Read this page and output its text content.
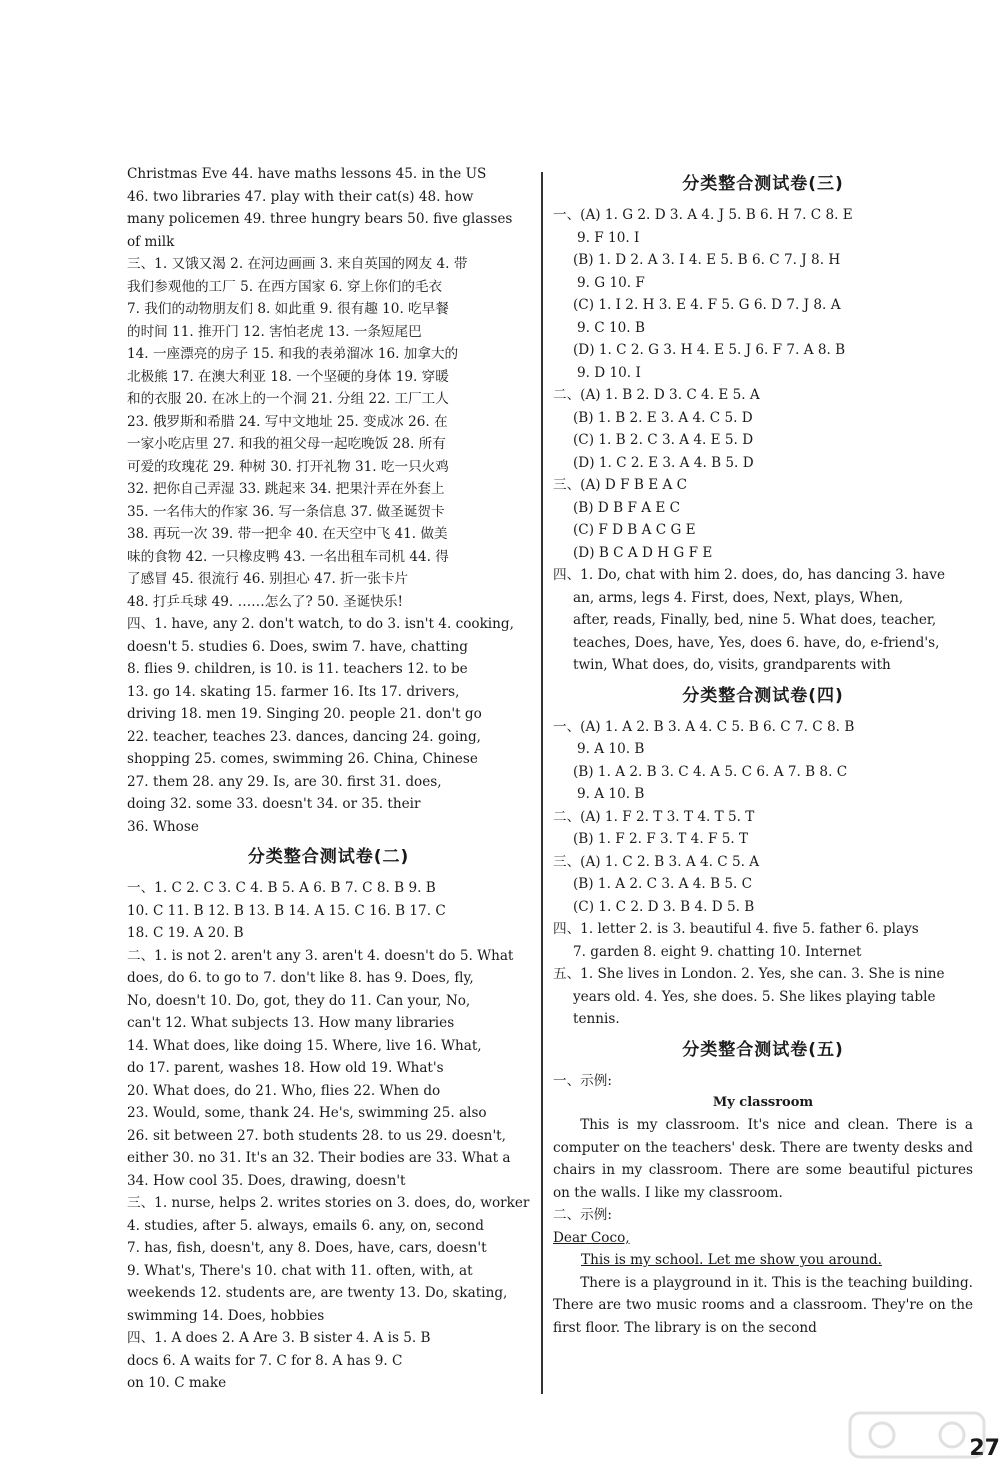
Christmas Eve 44. have maths lessons 45. in the US

46. two libraries 47. play with their cat(s) 48. how

many policemen 49. three hungry bears 50. five glasses

of milk

三、1. 又饿又渴 2. 在河边画画 3. 来自英国的网友 4. 带

我们参观他的工厂 5. 在西方国家 6. 穿上你们的毛衣

7. 我们的动物朋友们 8. 如此重 9. 很有趣 10. 吃早餐

的时间 11. 推开门 12. 害怕老虎 13. 一条短尾巴

14. 一座漂亮的房子 15. 和我的表弟溜冰 16. 加拿大的

北极熊 17. 在澳大利亚 18. 一个坚硬的身体 19. 穿暖

和的衣服 20. 在冰上的一个洞 21. 分组 22. 工厂工人

23. 俄罗斯和希腊 24. 写中文地址 25. 变成冰 26. 在

一家小吃店里 27. 和我的祖父母一起吃晚饭 28. 所有

可爱的玫瑰花 29. 种树 30. 打开礼物 31. 吃一只火鸡

32. 把你自己弄湿 33. 跳起来 34. 把果汁弄在外套上

35. 一名伟大的作家 36. 写一条信息 37. 做圣诞贺卡

38. 再玩一次 39. 带一把伞 40. 在天空中飞 41. 做美

味的食物 42. 一只橡皮鸭 43. 一名出租车司机 44. 得

了感冒 45. 很流行 46. 别担心 47. 折一张卡片

48. 打乒乓球 49. ……怎么了? 50. 圣诞快乐!

四、1. have, any 2. don't watch, to do 3. isn't 4. cooking,

doesn't 5. studies 6. Does, swim 7. have, chatting

8. flies 9. children, is 10. is 11. teachers 12. to be

13. go 14. skating 15. farmer 16. Its 17. drivers,

driving 18. men 19. Singing 20. people 21. don't go

22. teacher, teaches 23. dances, dancing 24. going,

shopping 25. comes, swimming 26. China, Chinese

27. them 28. any 29. Is, are 30. first 31. does,

doing 32. some 33. doesn't 34. or 35. their

36. Whose

分类整合测试卷(二)

一、1. C 2. C 3. C 4. B 5. A 6. B 7. C 8. B 9. B

10. C 11. B 12. B 13. B 14. A 15. C 16. B 17. C

18. C 19. A 20. B

二、1. is not 2. aren't any 3. aren't 4. doesn't do 5. What

does, do 6. to go to 7. don't like 8. has 9. Does, fly,

No, doesn't 10. Do, got, they do 11. Can your, No,

can't 12. What subjects 13. How many libraries

14. What does, like doing 15. Where, live 16. What,

do 17. parent, washes 18. How old 19. What's

20. What does, do 21. Who, flies 22. When do

23. Would, some, thank 24. He's, swimming 25. also

26. sit between 27. both students 28. to us 29. doesn't,

either 30. no 31. It's an 32. Their bodies are 33. What a

34. How cool 35. Does, drawing, doesn't

三、1. nurse, helps 2. writes stories on 3. does, do, worker

4. studies, after 5. always, emails 6. any, on, second

7. has, fish, doesn't, any 8. Does, have, cars, doesn't

9. What's, There's 10. chat with 11. often, with, at

weekends 12. students are, are twenty 13. Do, skating,

swimming 14. Does, hobbies

四、1. A does 2. A Are 3. B sister 4. A is 5. B

docs 6. A waits for 7. C for 8. A has 9. C

on 10. C make

分类整合测试卷(三)

一、(A) 1. G 2. D 3. A 4. J 5. B 6. H 7. C 8. E

9. F 10. I

(B) 1. D 2. A 3. I 4. E 5. B 6. C 7. J 8. H

9. G 10. F

(C) 1. I 2. H 3. E 4. F 5. G 6. D 7. J 8. A

9. C 10. B

(D) 1. C 2. G 3. H 4. E 5. J 6. F 7. A 8. B

9. D 10. I

二、(A) 1. B 2. D 3. C 4. E 5. A

(B) 1. B 2. E 3. A 4. C 5. D

(C) 1. B 2. C 3. A 4. E 5. D

(D) 1. C 2. E 3. A 4. B 5. D

三、(A) D F B E A C

(B) D B F A E C

(C) F D B A C G E

(D) B C A D H G F E

四、1. Do, chat with him 2. does, do, has dancing 3. have

an, arms, legs 4. First, does, Next, plays, When,

after, reads, Finally, bed, nine 5. What does, teacher,

teaches, Does, have, Yes, does 6. have, do, e-friend's,

twin, What does, do, visits, grandparents with

分类整合测试卷(四)

一、(A) 1. A 2. B 3. A 4. C 5. B 6. C 7. C 8. B

9. A 10. B

(B) 1. A 2. B 3. C 4. A 5. C 6. A 7. B 8. C

9. A 10. B

二、(A) 1. F 2. T 3. T 4. T 5. T

(B) 1. F 2. F 3. T 4. F 5. T

三、(A) 1. C 2. B 3. A 4. C 5. A

(B) 1. A 2. C 3. A 4. B 5. C

(C) 1. C 2. D 3. B 4. D 5. B

四、1. letter 2. is 3. beautiful 4. five 5. father 6. plays

7. garden 8. eight 9. chatting 10. Internet

五、1. She lives in London. 2. Yes, she can. 3. She is nine

years old. 4. Yes, she does. 5. She likes playing table

tennis.

分类整合测试卷(五)

一、示例:

My classroom

This is my classroom. It's nice and clean. There is a computer on the teachers' desk. There are twenty desks and chairs in my classroom. There are some beautiful pictures on the walls. I like my classroom.

二、示例:

Dear Coco,

This is my school. Let me show you around.

There is a playground in it. This is the teaching building. There are two music rooms and a classroom. They're on the first floor. The library is on the second

27
